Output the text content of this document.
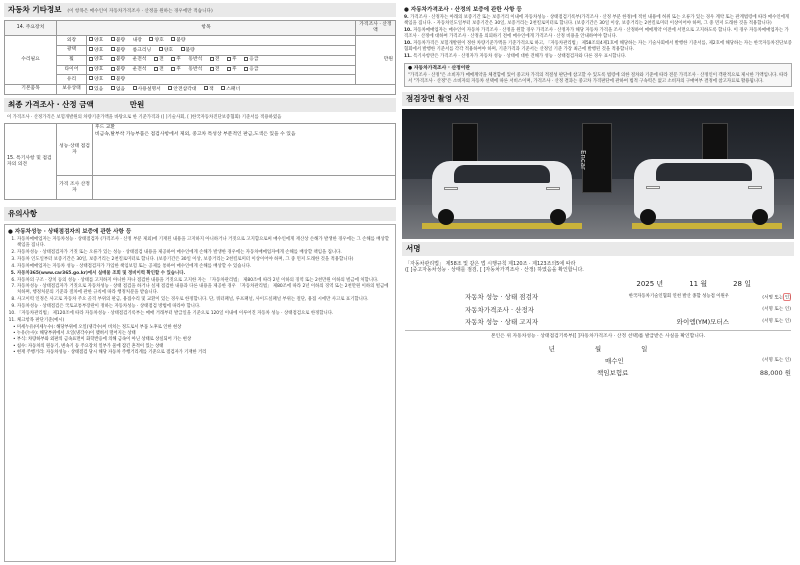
자동차 기타정보 (이 항목은 매수인이 자동차가격조사 · 산정을 원하는 경우에만 적습니다)
14. 주요장치	항목		가격조사 · 산정액
수리필요	외장	양호 불량 내장 양호 불량	만원
	광택	양호 불량 룸크리닝 양호 불량	
	휠	양호 불량 운전석 전 후 동반석 전 후 응급	
	타이어	양호 불량 운전석 전 후 동반석 전 후 응급	
	유리	양호 불량	
기본품목	보유상태	있음 없음 사용설명서 안전삼각대 잭 스패너	
최종 가격조사 · 산정 금액	만원
이 가격조사 · 산정가격은 보험개발원의 차량기준가액을 바탕으로 한 기준가격과 ([ ]기술사회, [ ]한국자동차진단보증협회) 기준서를 적용하였음
15. 특기사항 및 점검자의 의견	성능·상태 점검자	후드 교환
비금속,탈부착 가능부품은 점검사항에서 제외, 중고차 특성상 부분적인 판금,도색은 있을 수 있음

	가격 조사 산정자	
유의사항
● 자동차성능 · 상태점검자의 보증에 관한 사항 등
1. 자동차매매업자는 자동차성능 · 상태점검자 (가격조사 · 산정 부분 제외)에 기재된 내용을 고지하지 아니하거나 거짓으로 고지함으로써 매수인에게 재산상 손해가 발생한 경우에는 그 손해를 배상할 책임을 집니다.
2. 자동차성능 · 상태점검자가 거짓 또는 오류가 있는 성능 · 상태점검 내용을 제공하여 매수인에게 손해가 발생한 경우에는 자동차매매업자에게 손해를 배상할 책임을 집니다.
3. 자동차 인도일부터 보증기간은 30일, 보증거리는 2천킬로미터로 합니다. (보증기간은 30일 이상, 보증거리는 2천킬로미터 이상이어야 하며, 그 중 먼저 도래한 것을 적용합니다)
4. 자동차매매업자는 자동차 성능 · 상태점검자가 가입한 책임보험 또는 공제를 통하여 매수인에게 손해를 배상할 수 있습니다.
5. 자동차365(www.car365.go.kr)에서 실매물 조회 및 정비이력 확인할 수 있습니다.
6. 자동차의 구조 · 장치 등의 성능 · 상태를 고지하지 아니한 자나 점검한 내용을 거짓으로 고지한 자는 「자동차관리법」 제80조에 따라 2년 이하의 징역 또는 2천만원 이하의 벌금에 처합니다.
7. 자동차성능 · 상태점검자가 거짓으로 자동차성능 · 상태 점검을 하거나 실제 점검한 내용과 다른 내용을 제공한 경우 「자동차관리법」 제80조에 따라 2년 이하의 징역 또는 2천만원 이하의 벌금에 처하며, 행정처분의 기준과 절차에 관한 규칙에 따라 행정처분을 받습니다.
8. 사고이력 인정은 사고로 자동차 주요 골격 부위의 판금, 용접수리 및 교환이 있는 경우로 한정합니다. 단, 쿼터패널, 루프패널, 사이드실패널 부위는 절단, 용접 시에만 사고로 표기합니다.
9. 자동차성능 · 상태점검은 국토교통부장관이 정하는 자동차성능 · 상태점검 방법에 따라야 합니다.
10. 「자동차관리법」 제120조에 따라 자동차성능 · 상태점검기록부는 매매 거래부터 발급일을 기준으로 120일 이내에 이루어진 자동차 성능 · 상태점검으로 한정합니다.
11. 체크항목 판단기준(예시)
• 미세누유(미세누수): 해당부위에 오일(냉각수)이 비치는 정도로서 부품 노후로 인한 현상
• 누유(누수): 해당부위에서 오일(냉각수)이 맺혀서 떨어지는 상태
• 부식: 차량하부와 외판의 금속표면이 화학반응에 의해 금속이 아닌 상태로 상실되어 가는 현상
• 침수: 자동차의 원동기, 변속기 등 주요장치 일부가 물에 잠긴 흔적이 있는 상태
• 현재 주행거리: 자동차성능 · 상태점검 당시 해당 자동차 주행거리계를 기준으로 점검자가 기재한 거리
● 자동차가격조사 · 산정의 보증에 관한 사항 등
9. 가격조사 · 산정자는 아래의 보증기간 또는 보증거리 이내에 자동차성능 · 상태점검기록부(가격조사 · 산정 부분 한정)에 적힌 내용에 허위 또는 오류가 있는 경우 계약 또는 관계법령에 따라 매수인에게 책임을 집니다. - 자동차인도일부터 보증기간은 30일, 보증거리는 2천킬로미터로 합니다. (보증기간은 30일 이상, 보증거리는 2천킬로미터 이상이어야 하며, 그 중 먼저 도래한 것을 적용합니다)
10. 자동차매매업자는 매수인이 자동차 가격조사 · 산정을 원할 경우 가격조사 · 산정자가 해당 자동차 가격을 조사 · 산정하여 매매계약 이전에 서면으로 고지하도록 합니다. 이 경우 자동차매매업자는 가격조사 · 산정에 대하여 가격조사 · 산정을 의뢰하기 전에 매수인에게 가격조사 · 산정 비용을 안내하여야 합니다.
10. 자동차가격은 보험개발원이 정한 차량기준가액을 기준가격으로 하고, 「자동차관리법」 제58조의4제1호에 해당하는 자는 기술사회에서 발행한 기준서를, 제2호에 해당하는 자는 한국자동차진단보증협회에서 발행한 기준서를 각각 적용하여야 하며, 기준가격과 기준서는 산정일 기준 가장 최근에 발행된 것을 적용합니다.
11. 특기사항란은 가격조사 · 산정자가 자동차 성능 · 상태에 대한 견해가 성능 · 상태점검자와 다른 경우 표시합니다.
● 자동차가격조사 · 산정이란
"가격조사 · 산정"은 소비자가 매매계약을 체결함에 있어 중고차 가격의 적절성 판단에 참고할 수 있도록 법령에 의한 절차와 기준에 따라 전문 가격조사 · 산정인이 객관적으로 제시한 가액입니다. 따라서 "가격조사 · 산정"은 소비자의 자동차 선택에 따른 서비스이며, 가격조사 · 산정 결과는 중고차 가격판단에 관하여 법적 구속력은 없고 소비자의 구매여부 결정에 참고자료로 활용됩니다.
점검장면 촬영 사진
Encar
서명
「자동차관리법」 제58조 및 같은 법 시행규칙 제120조 · 제123조의5에 따라
([ ]중고자동차성능 · 상태를 점검, [ ]자동차가격조사 · 산정) 하였음을 확인합니다.
2025 년	11 월	28 일
자동차 성능 · 상태 점검자	한국자동차기술인협회 연천 발산 종합 성능점 이원우	(서명 또는 인)
자동차가격조사 · 산정자	(서명 또는 인)
자동차 성능 · 상태 고지자	와이엠(YM)모터스	(서명 또는 인)
본인은 위 자동차성능 · 상태점검기록부([ ]자동차가격조사 · 산정 선택)를 발급받은 사실을 확인합니다.
년	월	일
매수인	(서명 또는 인)
책임보험료	88,000 원
